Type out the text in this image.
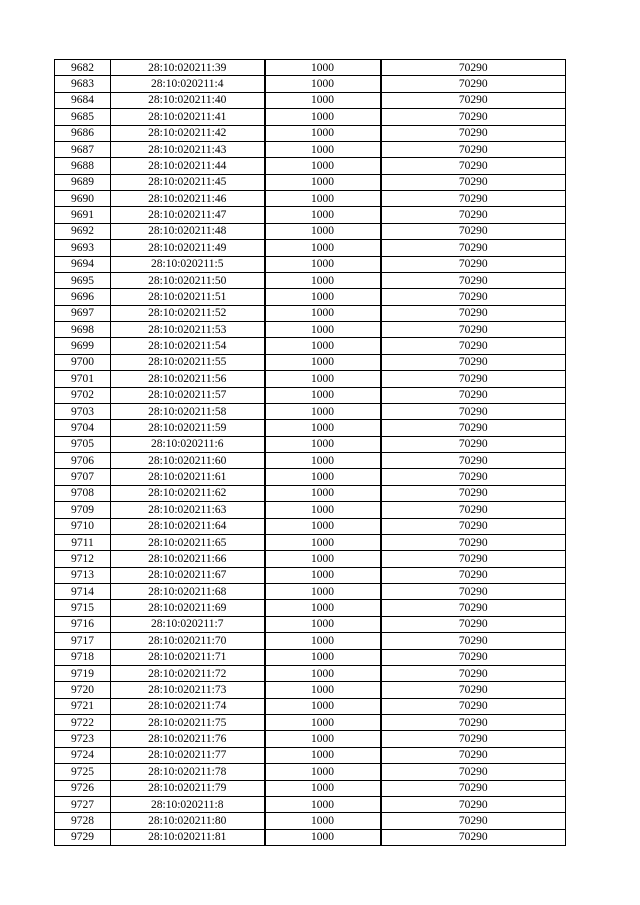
9682	28:10:020211:39	1000	70290
9683	28:10:020211:4	1000	70290
9684	28:10:020211:40	1000	70290
9685	28:10:020211:41	1000	70290
9686	28:10:020211:42	1000	70290
9687	28:10:020211:43	1000	70290
9688	28:10:020211:44	1000	70290
9689	28:10:020211:45	1000	70290
9690	28:10:020211:46	1000	70290
9691	28:10:020211:47	1000	70290
9692	28:10:020211:48	1000	70290
9693	28:10:020211:49	1000	70290
9694	28:10:020211:5	1000	70290
9695	28:10:020211:50	1000	70290
9696	28:10:020211:51	1000	70290
9697	28:10:020211:52	1000	70290
9698	28:10:020211:53	1000	70290
9699	28:10:020211:54	1000	70290
9700	28:10:020211:55	1000	70290
9701	28:10:020211:56	1000	70290
9702	28:10:020211:57	1000	70290
9703	28:10:020211:58	1000	70290
9704	28:10:020211:59	1000	70290
9705	28:10:020211:6	1000	70290
9706	28:10:020211:60	1000	70290
9707	28:10:020211:61	1000	70290
9708	28:10:020211:62	1000	70290
9709	28:10:020211:63	1000	70290
9710	28:10:020211:64	1000	70290
9711	28:10:020211:65	1000	70290
9712	28:10:020211:66	1000	70290
9713	28:10:020211:67	1000	70290
9714	28:10:020211:68	1000	70290
9715	28:10:020211:69	1000	70290
9716	28:10:020211:7	1000	70290
9717	28:10:020211:70	1000	70290
9718	28:10:020211:71	1000	70290
9719	28:10:020211:72	1000	70290
9720	28:10:020211:73	1000	70290
9721	28:10:020211:74	1000	70290
9722	28:10:020211:75	1000	70290
9723	28:10:020211:76	1000	70290
9724	28:10:020211:77	1000	70290
9725	28:10:020211:78	1000	70290
9726	28:10:020211:79	1000	70290
9727	28:10:020211:8	1000	70290
9728	28:10:020211:80	1000	70290
9729	28:10:020211:81	1000	70290
